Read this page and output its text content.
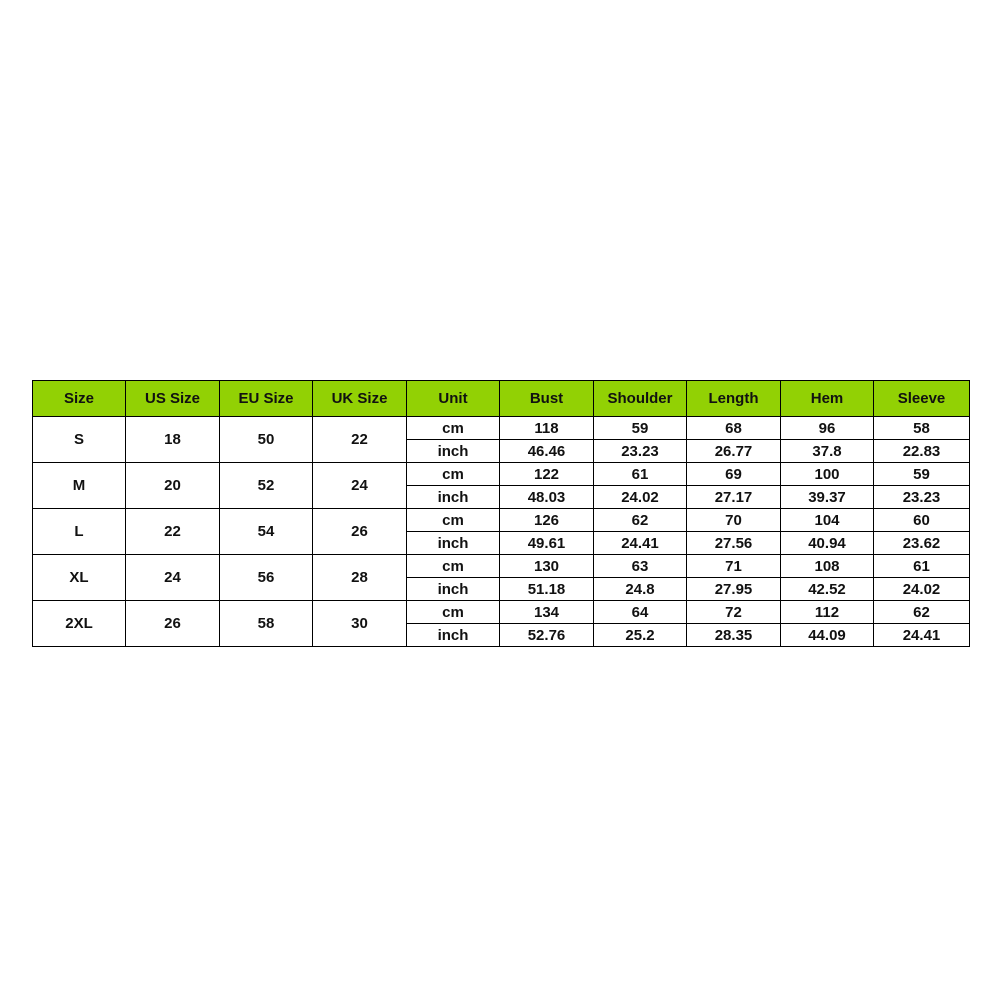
Size	US Size	EU Size	UK Size	Unit	Bust	Shoulder	Length	Hem	Sleeve
S	18	50	22	cm	118	59	68	96	58
				inch	46.46	23.23	26.77	37.8	22.83
M	20	52	24	cm	122	61	69	100	59
				inch	48.03	24.02	27.17	39.37	23.23
L	22	54	26	cm	126	62	70	104	60
				inch	49.61	24.41	27.56	40.94	23.62
XL	24	56	28	cm	130	63	71	108	61
				inch	51.18	24.8	27.95	42.52	24.02
2XL	26	58	30	cm	134	64	72	112	62
				inch	52.76	25.2	28.35	44.09	24.41
